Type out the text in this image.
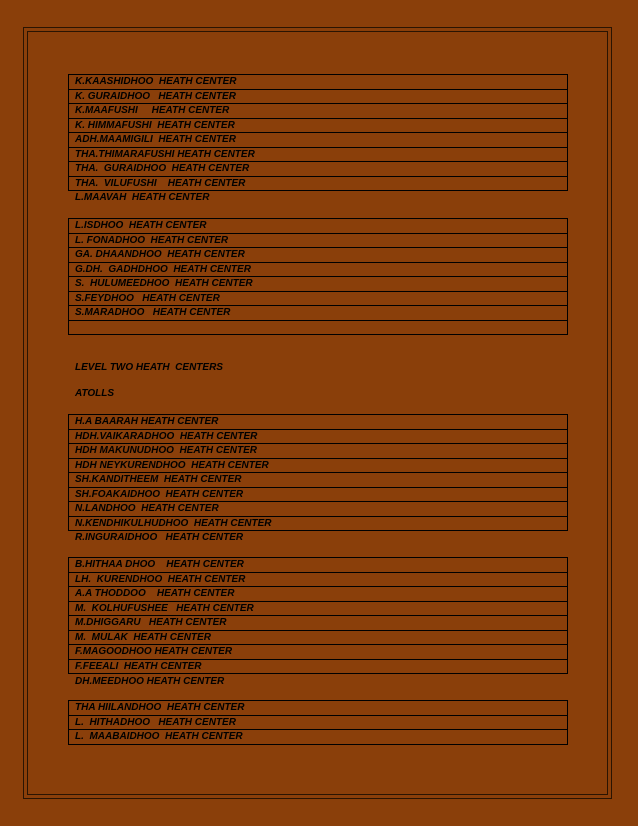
K.KAASHIDHOO  HEATH CENTER
K. GURAIDHOO   HEATH CENTER
K.MAAFUSHI     HEATH CENTER
K. HIMMAFUSHI  HEATH CENTER
ADH.MAAMIGILI  HEATH CENTER
THA.THIMARAFUSHI HEATH CENTER
THA.  GURAIDHOO  HEATH CENTER
THA.  VILUFUSHI    HEATH CENTER
L.MAAVAH  HEATH CENTER
L.ISDHOO  HEATH CENTER
L. FONADHOO  HEATH CENTER
GA. DHAANDHOO  HEATH CENTER
G.DH.  GADHDHOO  HEATH CENTER
S.  HULUMEEDHOO  HEATH CENTER
S.FEYDHOO   HEATH CENTER
S.MARADHOO   HEATH CENTER

LEVEL TWO HEATH  CENTERS
ATOLLS
H.A BAARAH HEATH CENTER
HDH.VAIKARADHOO  HEATH CENTER
HDH MAKUNUDHOO  HEATH CENTER
HDH NEYKURENDHOO  HEATH CENTER
SH.KANDITHEEM  HEATH CENTER
SH.FOAKAIDHOO  HEATH CENTER
N.LANDHOO  HEATH CENTER
N.KENDHIKULHUDHOO  HEATH CENTER
R.INGURAIDHOO   HEATH CENTER
B.HITHAA DHOO    HEATH CENTER
LH.  KURENDHOO  HEATH CENTER
A.A THODDOO    HEATH CENTER
M.  KOLHUFUSHEE   HEATH CENTER
M.DHIGGARU   HEATH CENTER
M.  MULAK  HEATH CENTER
F.MAGOODHOO HEATH CENTER
F.FEEALI  HEATH CENTER
DH.MEEDHOO HEATH CENTER
THA HIILANDHOO  HEATH CENTER
L.  HITHADHOO   HEATH CENTER
L.  MAABAIDHOO  HEATH CENTER
